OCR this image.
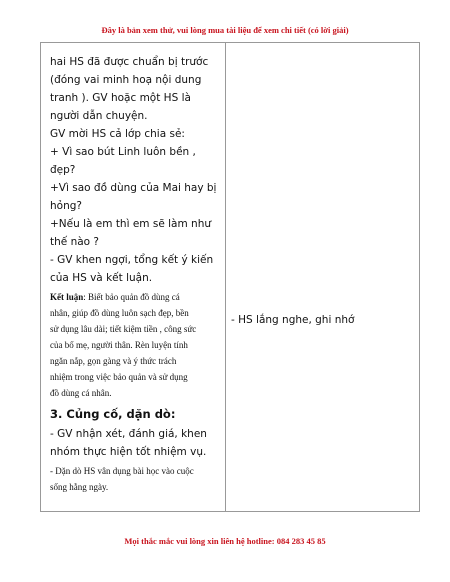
Đây là bản xem thử, vui lòng mua tài liệu để xem chi tiết (có lời giải)

hai HS đã được chuẩn bị trước

(đóng vai minh hoạ nội dung

tranh ). GV hoặc một HS là

người dẫn chuyện.

GV mời HS cả lớp chia sẻ:

+ Vì sao bút Linh luôn bền ,

đẹp?

+Vì sao đồ dùng của Mai hay bị

hỏng?

+Nếu là em thì em sẽ làm như

thế nào ?

- GV khen ngợi, tổng kết ý kiến

của HS và kết luận.

Kết luận: Biết bảo quản đồ dùng cá

nhân, giúp đồ dùng luôn sạch đẹp, bền

sử dụng lâu dài; tiết kiệm tiền , công sức

của bố mẹ, người thân. Rèn luyện tính

ngăn nắp, gọn gàng và ý thức trách

nhiệm trong việc bảo quản và sử dụng

đồ dùng cá nhân.

3. Củng cố, dặn dò:

- GV nhận xét, đánh giá, khen

nhóm thực hiện tốt nhiệm vụ.

- Dặn dò HS vân dụng bài học vào cuộc

sống hằng ngày.

- HS lắng nghe, ghi nhớ
Mọi thắc mắc vui lòng xin liên hệ hotline: 084 283 45 85
